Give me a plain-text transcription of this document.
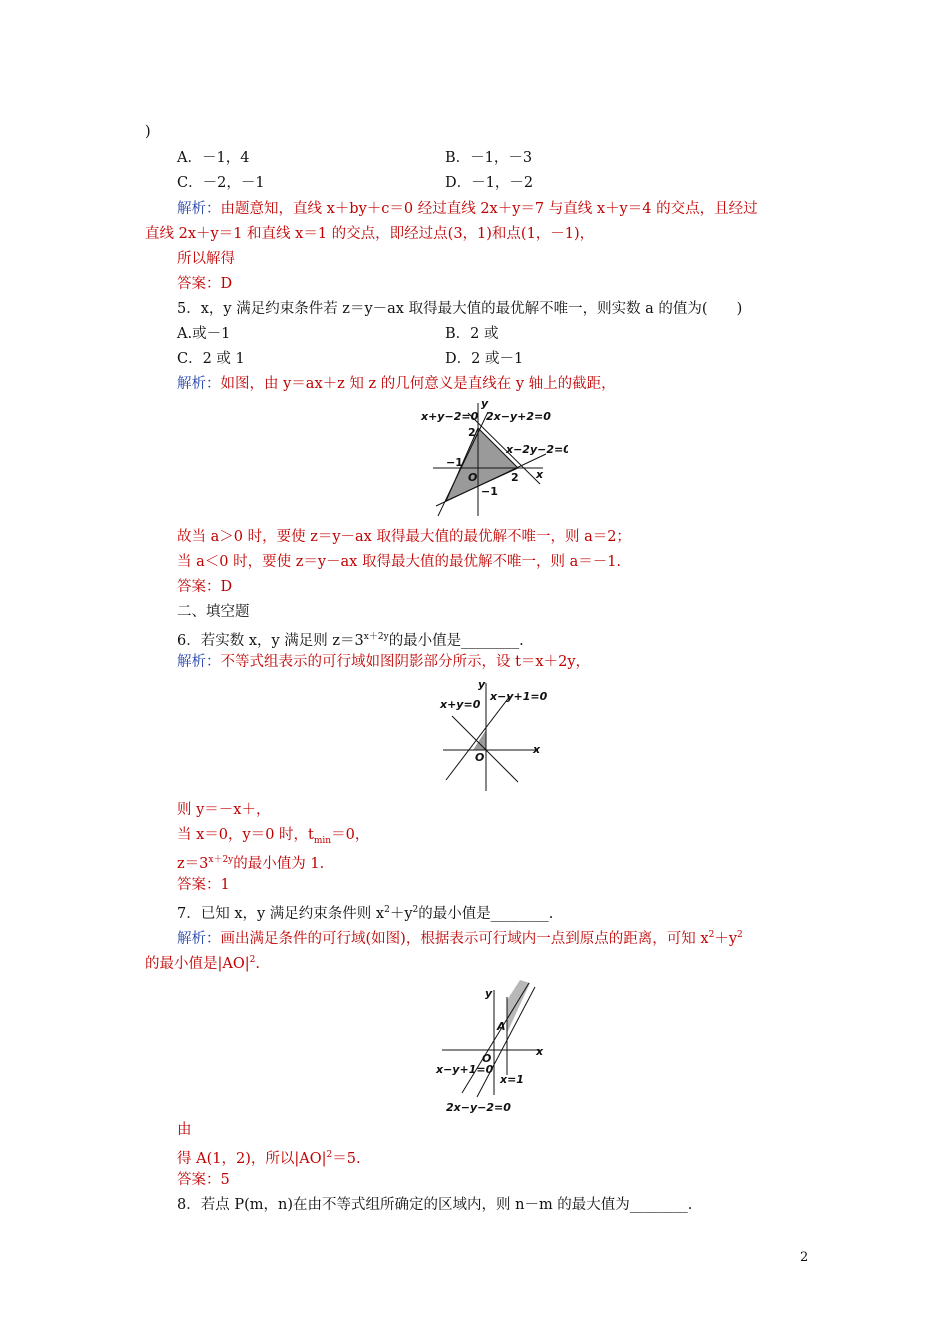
)
A．－1，4	B．－1，－3
C．－2，－1	D．－1，－2
解析：由题意知，直线 x＋by＋c＝0 经过直线 2x＋y＝7 与直线 x＋y＝4 的交点，且经过
直线 2x＋y＝1 和直线 x＝1 的交点，即经过点(3，1)和点(1，－1)，
所以解得
答案：D
5．x，y 满足约束条件若 z＝y－ax 取得最大值的最优解不唯一，则实数 a 的值为(　　)
A.或－1	B．2 或
C．2 或 1	D．2 或－1
解析：如图，由 y＝ax＋z 知 z 的几何意义是直线在 y 轴上的截距，
x+y−2=0 2x−y+2=0
x−2y−2=0
y
x
O
2
−1
2
−1
故当 a＞0 时，要使 z＝y－ax 取得最大值的最优解不唯一，则 a＝2；
当 a＜0 时，要使 z＝y－ax 取得最大值的最优解不唯一，则 a＝－1.
答案：D
二、填空题
6．若实数 x，y 满足则 $z=3^{x+2y}$的最小值是________.
解析：不等式组表示的可行域如图阴影部分所示，设 t＝x＋2y，
x−y+1=0
x+y=0
y
x
O
则 y＝－x＋，
当 x＝0，y＝0 时，$t_{min}=0$，
$z=3^{x+2y}$的最小值为 1.
答案：1
7．已知 x，y 满足约束条件则 $x^2+y^2$的最小值是________.
解析：画出满足条件的可行域(如图)，根据表示可行域内一点到原点的距离，可知 $x^2+y^2$
的最小值是$|AO|^2$.
y
x
O
A
x−y+1=0
x=1
2x−y−2=0
由
得 A(1，2)，所以$|AO|^2=5$.
答案：5
8．若点 P(m，n)在由不等式组所确定的区域内，则 n－m 的最大值为________.
2
